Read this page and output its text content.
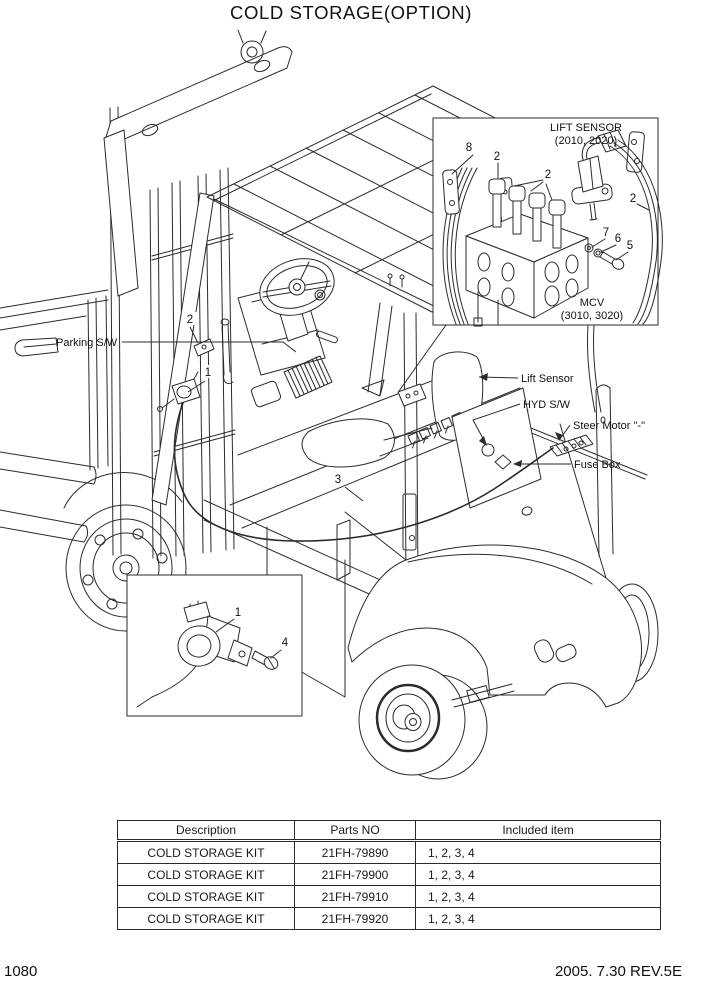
COLD STORAGE(OPTION)
Parking S/W
Lift Sensor
HYD S/W
Steer Motor "-"
Fuse Box
2
1
3
LIFT SENSOR
(2010, 2020)
MCV
(3010, 3020)
8
2
2
2
7 6
5
1
4
Description	Parts NO	Included item
COLD STORAGE KIT	21FH-79890	1, 2, 3, 4
COLD STORAGE KIT	21FH-79900	1, 2, 3, 4
COLD STORAGE KIT	21FH-79910	1, 2, 3, 4
COLD STORAGE KIT	21FH-79920	1, 2, 3, 4
1080	2005. 7.30 REV.5E
